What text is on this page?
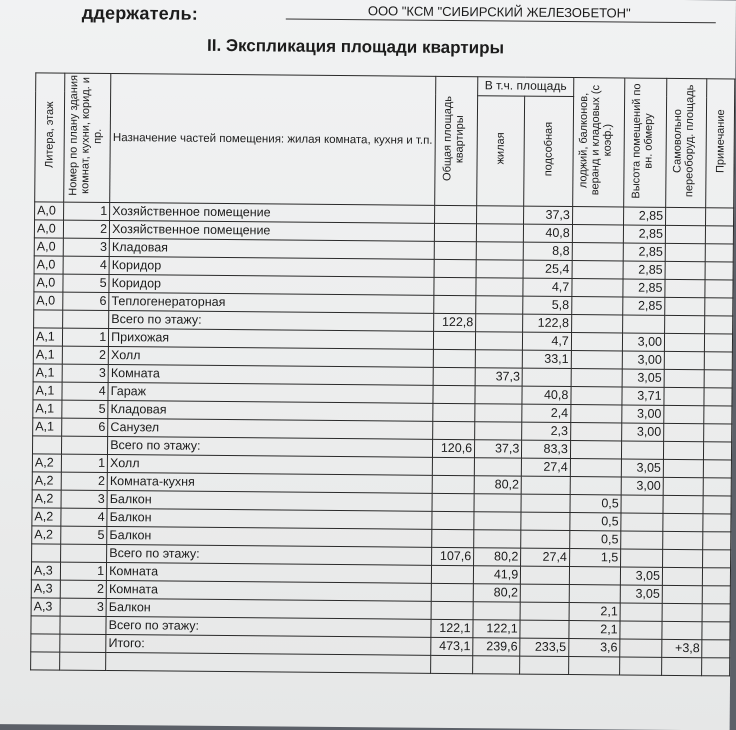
ддержатель:	ООО "КСМ "СИБИРСКИЙ ЖЕЛЕЗОБЕТОН"
II. Экспликация площади квартиры
Литера, этаж	Номер по плану здания комнат, кухни, корид. и пр.	Назначение частей помещения: жилая комната, кухня и т.п.	Общая площадь квартиры	В т.ч. площадь		лоджий, балконов, веранд и кладовых (с коэф.)	Высота помещений по вн. обмеру	Самовольно переоборуд. площадь	Примечание
				жилая	подсобная				
А,0	1	Хозяйственное помещение			37,3		2,85		
А,0	2	Хозяйственное помещение			40,8		2,85		
А,0	3	Кладовая			8,8		2,85		
А,0	4	Коридор			25,4		2,85		
А,0	5	Коридор			4,7		2,85		
А,0	6	Теплогенераторная			5,8		2,85		
		Всего по этажу:	122,8		122,8				
А,1	1	Прихожая			4,7		3,00		
А,1	2	Холл			33,1		3,00		
А,1	3	Комната		37,3			3,05		
А,1	4	Гараж			40,8		3,71		
А,1	5	Кладовая			2,4		3,00		
А,1	6	Санузел			2,3		3,00		
		Всего по этажу:	120,6	37,3	83,3				
А,2	1	Холл			27,4		3,05		
А,2	2	Комната-кухня		80,2			3,00		
А,2	3	Балкон				0,5			
А,2	4	Балкон				0,5			
А,2	5	Балкон				0,5			
		Всего по этажу:	107,6	80,2	27,4	1,5			
А,3	1	Комната		41,9			3,05		
А,3	2	Комната		80,2			3,05		
А,3	3	Балкон				2,1			
		Всего по этажу:	122,1	122,1		2,1			
		Итого:	473,1	239,6	233,5	3,6		+3,8	
